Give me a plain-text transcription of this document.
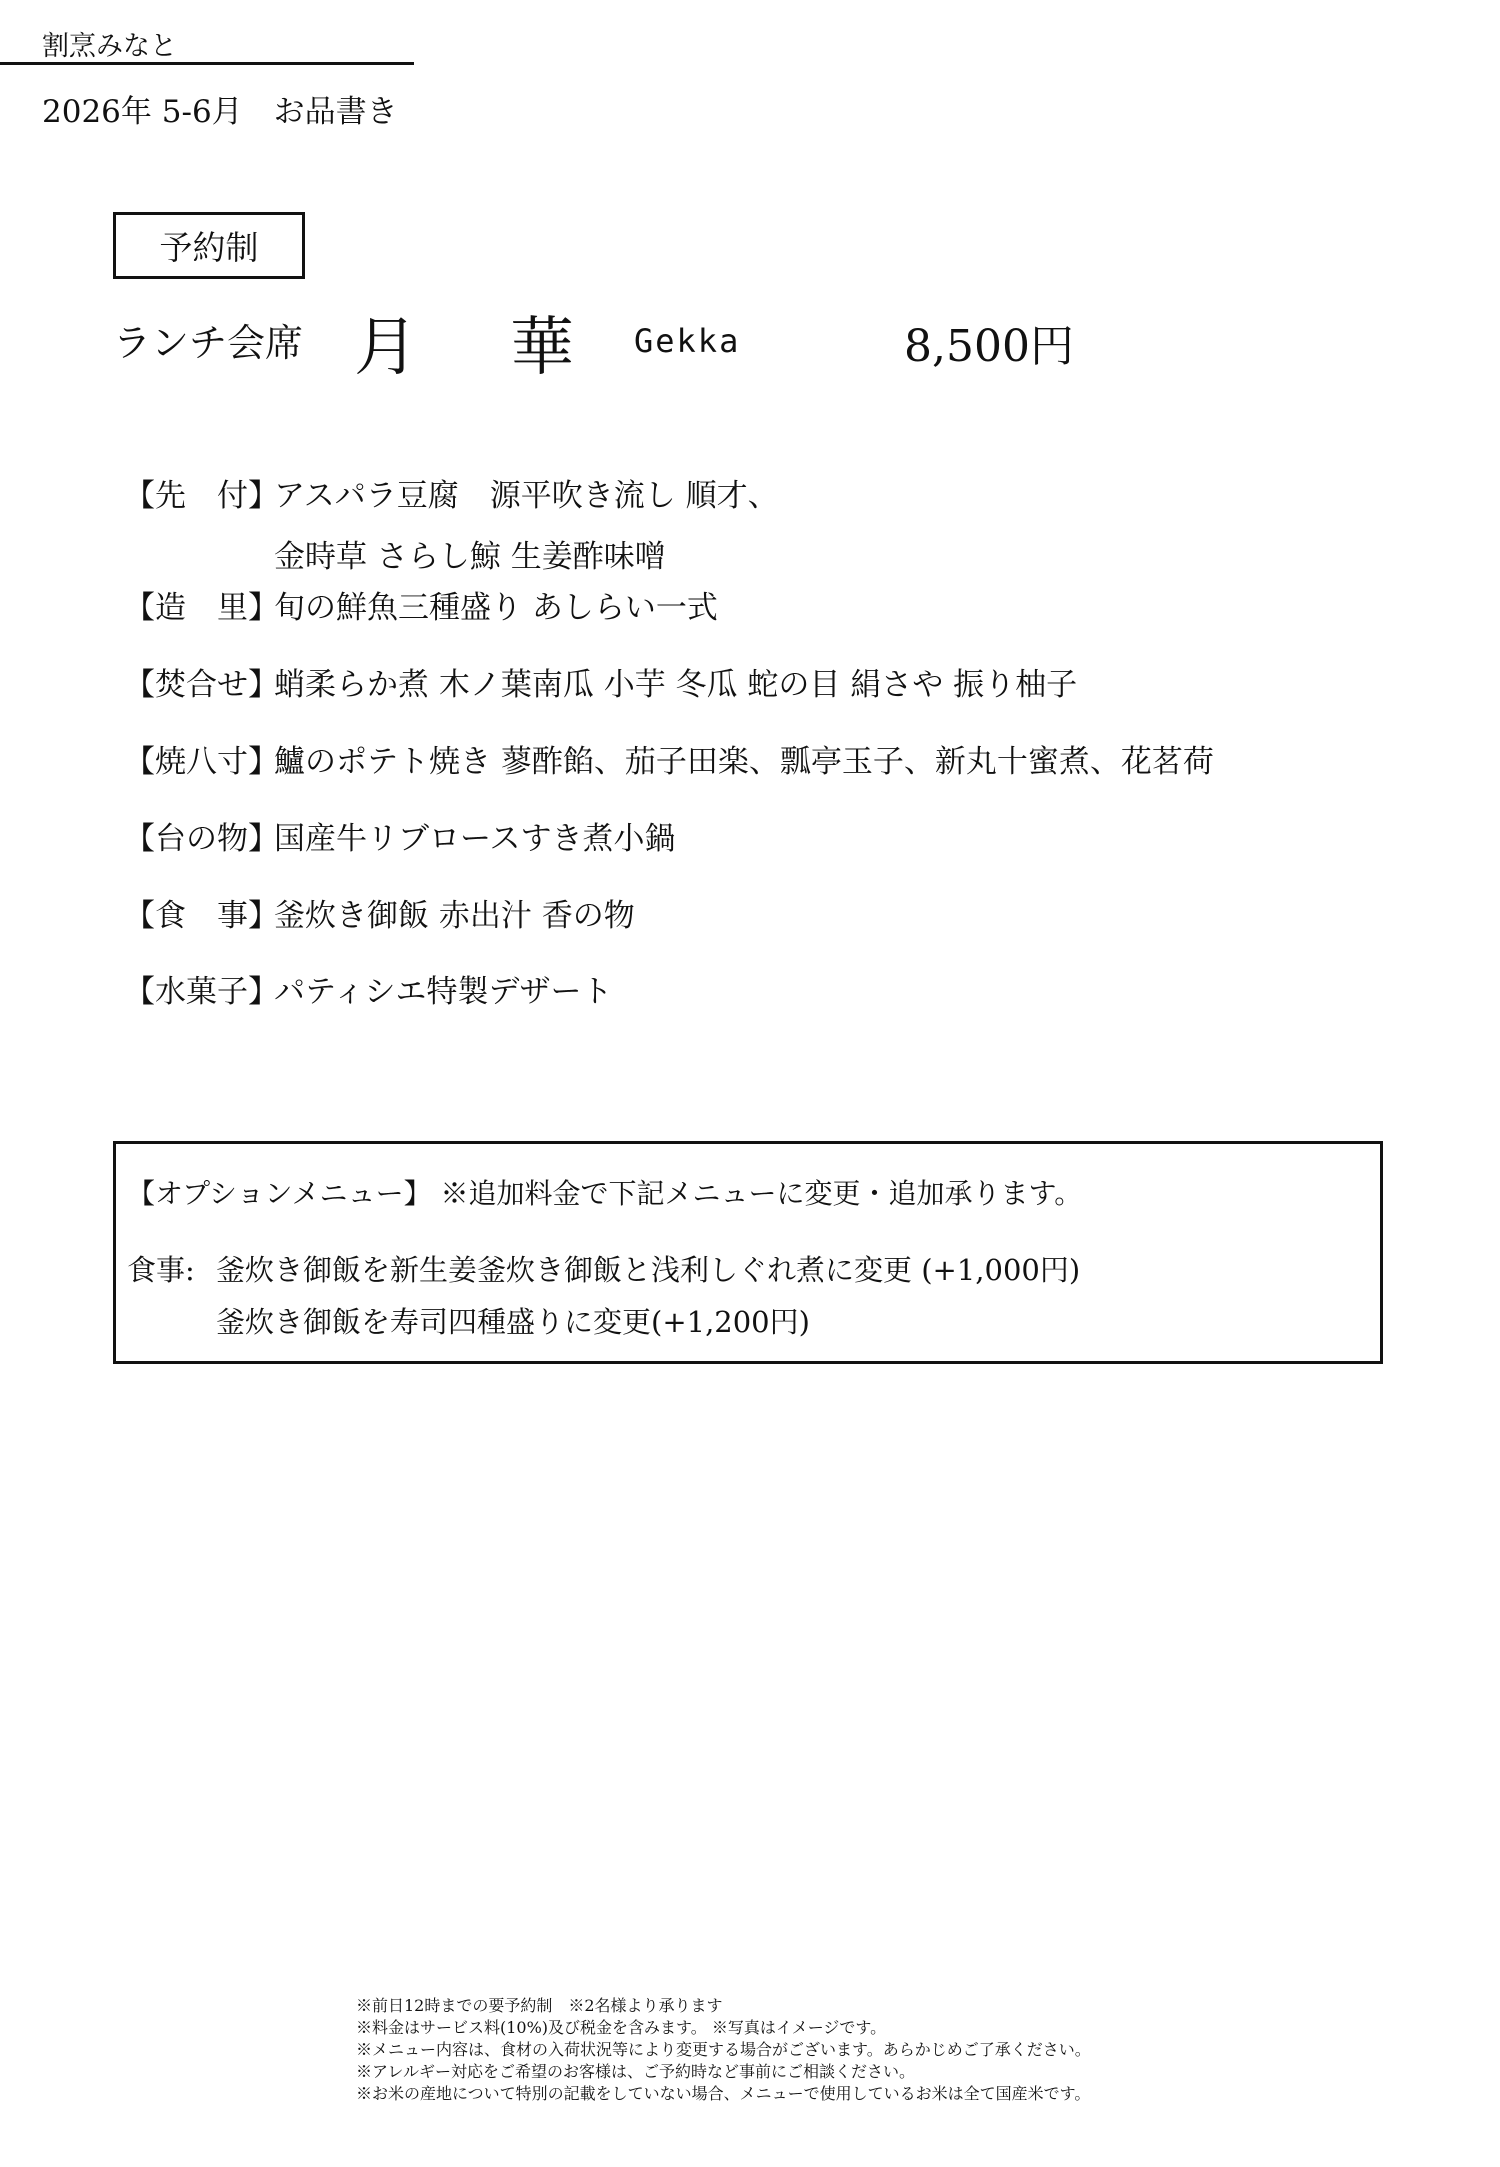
割烹みなと
2026年 5-6月　お品書き
予約制
ランチ会席 月 華 Gekka	8,500円
【先　付】
アスパラ豆腐　源平吹き流し 順才、
金時草 さらし鯨 生姜酢味噌
【造　里】
旬の鮮魚三種盛り あしらい一式
【焚合せ】
蛸柔らか煮 木ノ葉南瓜 小芋 冬瓜 蛇の目 絹さや 振り柚子
【焼八寸】
鱸のポテト焼き 蓼酢餡、茄子田楽、瓢亭玉子、新丸十蜜煮、花茗荷
【台の物】
国産牛リブロースすき煮小鍋
【食　事】
釜炊き御飯 赤出汁 香の物
【水菓子】
パティシエ特製デザート
【オプションメニュー】 ※追加料金で下記メニューに変更・追加承ります。
食事: 釜炊き御飯を新生姜釜炊き御飯と浅利しぐれ煮に変更 (+1,000円)
釜炊き御飯を寿司四種盛りに変更(+1,200円)
※前日12時までの要予約制　※2名様より承ります
※料金はサービス料(10%)及び税金を含みます。 ※写真はイメージです。
※メニュー内容は、食材の入荷状況等により変更する場合がございます。あらかじめご了承ください。
※アレルギー対応をご希望のお客様は、ご予約時など事前にご相談ください。
※お米の産地について特別の記載をしていない場合、メニューで使用しているお米は全て国産米です。
